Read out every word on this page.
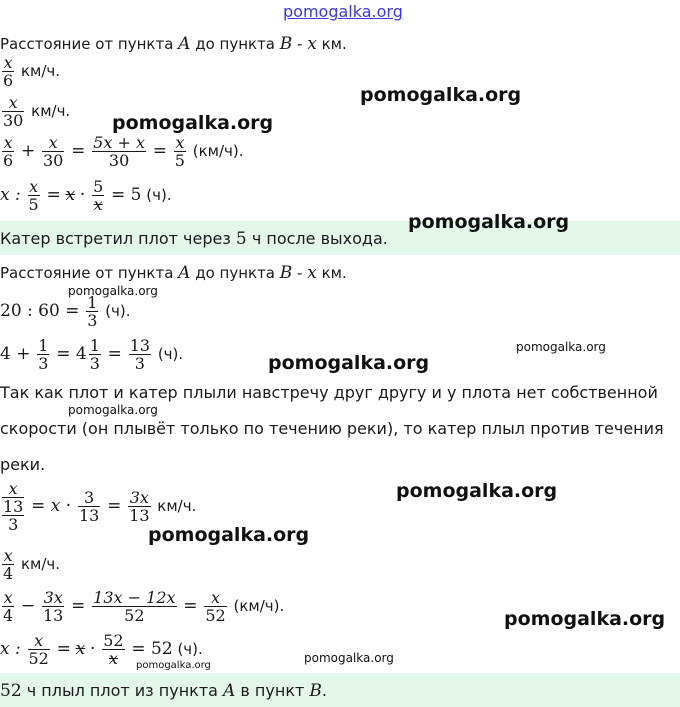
pomogalka.org
Расстояние от пункта A до пункта B - x км.
$\frac{x}{6} км/ч$.
$\frac{x}{30} км/ч$.
$\frac{x}{6} + \frac{x}{30} = \frac{5x + x}{30} = \frac{x}{5} (км/ч)$.
x : $\frac{x}{5} = x \cdot \frac{5}{x} = 5$ (ч).
Катер встретил плот через 5 ч после выхода.
Расстояние от пункта A до пункта B - x км.
20 : $60 = \frac{1}{3} (ч)$.
$4 + \frac{1}{3} = 4 \frac{1}{3} = \frac{13}{3} (ч)$.
Так как плот и катер плыли навстречу друг другу и у плота нет собственной
скорости (он плывёт только по течению реки), то катер плыл против течения
реки.
x
13
3
= $x \cdot \frac{3}{13} = \frac{3x}{13} км/ч$.
$\frac{x}{4} км/ч$.
$\frac{x}{4} - \frac{3x}{13} = \frac{13x - 12x}{52} = \frac{x}{52} (км/ч)$.
x : $\frac{x}{52} = x \cdot \frac{52}{x} = 52$ (ч).
52 ч плыл плот из пункта A в пункт B.
pomogalka.org
pomogalka.org
pomogalka.org
pomogalka.org
pomogalka.org
pomogalka.org
pomogalka.org
pomogalka.org
pomogalka.org
pomogalka.org
pomogalka.org
pomogalka.org
